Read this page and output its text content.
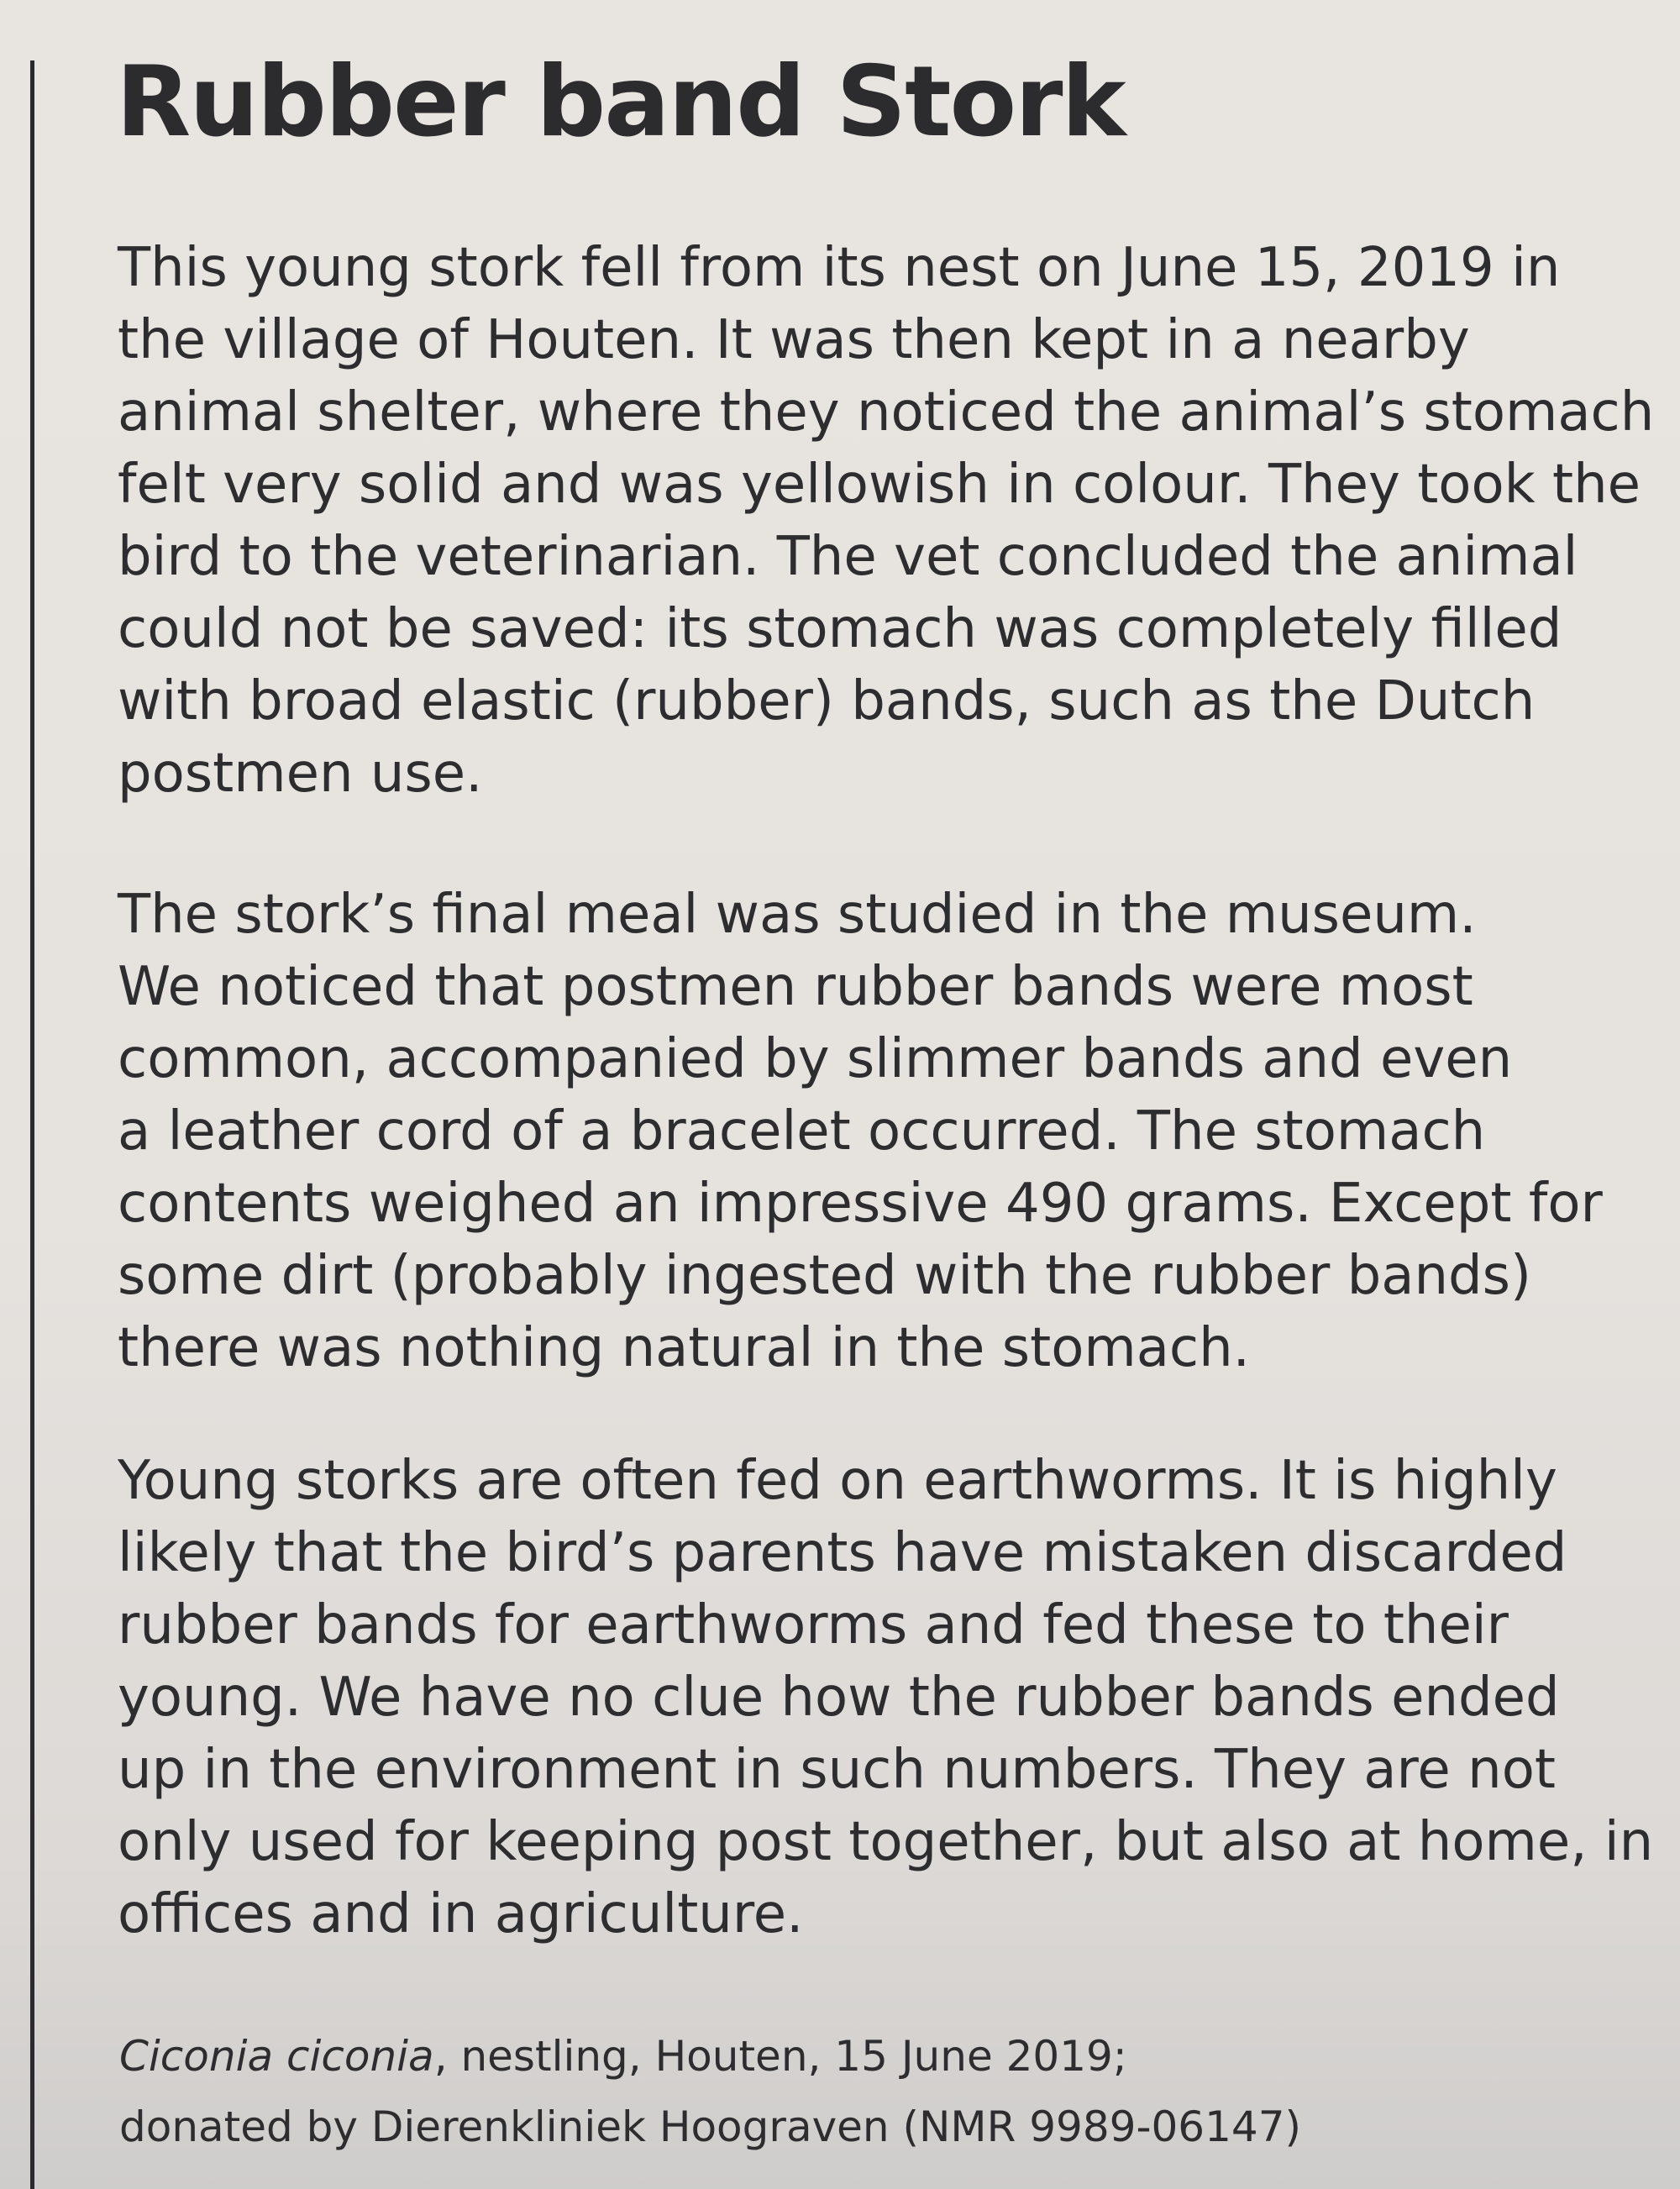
Rubber band Stork

This young stork fell from its nest on June 15, 2019 in
the village of Houten. It was then kept in a nearby
animal shelter, where they noticed the animal’s stomach
felt very solid and was yellowish in colour. They took the
bird to the veterinarian. The vet concluded the animal
could not be saved: its stomach was completely filled
with broad elastic (rubber) bands, such as the Dutch
postmen use.

The stork’s final meal was studied in the museum.
We noticed that postmen rubber bands were most
common, accompanied by slimmer bands and even
a leather cord of a bracelet occurred. The stomach
contents weighed an impressive 490 grams. Except for
some dirt (probably ingested with the rubber bands)
there was nothing natural in the stomach.

Young storks are often fed on earthworms. It is highly
likely that the bird’s parents have mistaken discarded
rubber bands for earthworms and fed these to their
young. We have no clue how the rubber bands ended
up in the environment in such numbers. They are not
only used for keeping post together, but also at home, in
offices and in agriculture.

Ciconia ciconia, nestling, Houten, 15 June 2019;
donated by Dierenkliniek Hoograven (NMR 9989-06147)
